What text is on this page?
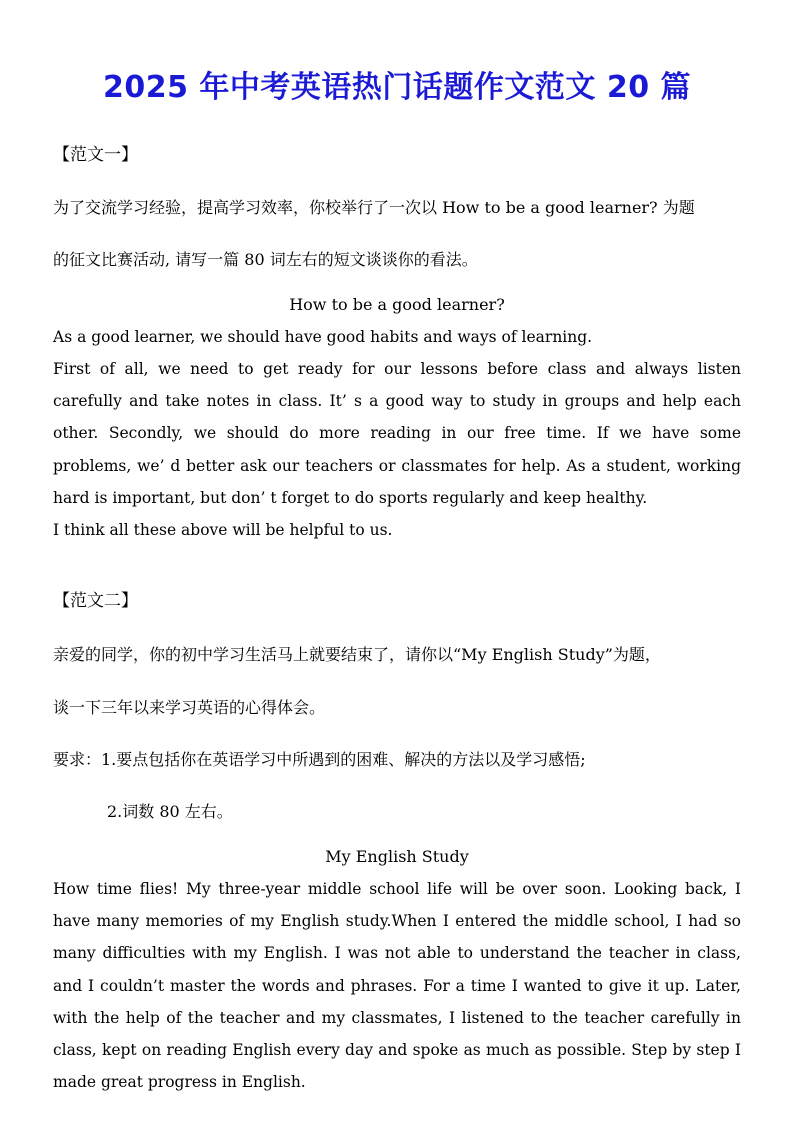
2025 年中考英语热门话题作文范文 20 篇
【范文一】
为了交流学习经验，提高学习效率，你校举行了一次以 How to be a good learner? 为题
的征文比赛活动, 请写一篇 80 词左右的短文谈谈你的看法。
How to be a good learner?
As a good learner, we should have good habits and ways of learning.
First of all, we need to get ready for our lessons before class and always listen carefully and take notes in class. It’ s a good way to study in groups and help each other. Secondly, we should do more reading in our free time. If we have some problems, we’ d better ask our teachers or classmates for help. As a student, working hard is important, but don’ t forget to do sports regularly and keep healthy.
I think all these above will be helpful to us.
【范文二】
亲爱的同学，你的初中学习生活马上就要结束了，请你以“My English Study”为题，
谈一下三年以来学习英语的心得体会。
要求：1.要点包括你在英语学习中所遇到的困难、解决的方法以及学习感悟;
2.词数 80 左右。
My English Study
How time flies! My three-year middle school life will be over soon. Looking back, I have many memories of my English study.When I entered the middle school, I had so many difficulties with my English. I was not able to understand the teacher in class, and I couldn’t master the words and phrases. For a time I wanted to give it up. Later, with the help of the teacher and my classmates, I listened to the teacher carefully in class, kept on reading English every day and spoke as much as possible. Step by step I made great progress in English.
